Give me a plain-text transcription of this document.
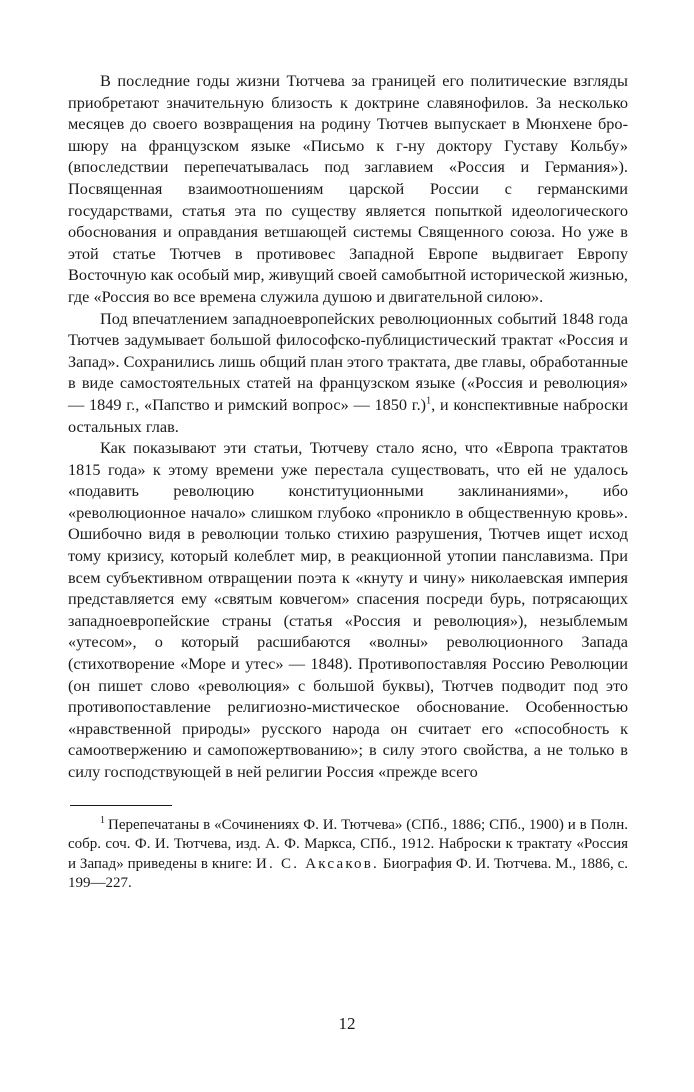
В последние годы жизни Тютчева за границей его политические взгляды приобретают значительную близость к доктрине славянофилов. За несколько месяцев до своего возвращения на родину Тютчев выпускает в Мюнхене брошюру на французском языке «Письмо к г-ну доктору Густаву Кольбу» (впоследствии перепечатывалась под заглавием «Россия и Германия»). Посвященная взаимоотношениям царской России с германскими государствами, статья эта по существу является попыткой идеологического обоснования и оправдания ветшающей системы Священного союза. Но уже в этой статье Тютчев в противовес Западной Европе выдвигает Европу Восточную как особый мир, живущий своей самобытной исторической жизнью, где «Россия во все времена служила душою и двигательной силою».

Под впечатлением западноевропейских революционных событий 1848 года Тютчев задумывает большой философско-публицистический трактат «Россия и Запад». Сохранились лишь общий план этого трактата, две главы, обработанные в виде самостоятельных статей на французском языке («Россия и революция» — 1849 г., «Папство и римский вопрос» — 1850 г.)$^1$, и конспективные наброски остальных глав.

Как показывают эти статьи, Тютчеву стало ясно, что «Европа трактатов 1815 года» к этому времени уже перестала существовать, что ей не удалось «подавить революцию конституционными заклинаниями», ибо «революционное начало» слишком глубоко «проникло в общественную кровь». Ошибочно видя в революции только стихию разрушения, Тютчев ищет исход тому кризису, который колеблет мир, в реакционной утопии панславизма. При всем субъективном отвращении поэта к «кнуту и чину» николаевская империя представляется ему «святым ковчегом» спасения посреди бурь, потрясающих западноевропейские страны (статья «Россия и революция»), незыблемым «утесом», о который расшибаются «волны» революционного Запада (стихотворение «Море и утес» — 1848). Противопоставляя Россию Революции (он пишет слово «революция» с большой буквы), Тютчев подводит под это противопоставление религиозно-мистическое обоснование. Особенностью «нравственной природы» русского народа он считает его «способность к самоотвержению и самопожертвованию»; в силу этого свойства, а не только в силу господствующей в ней религии Россия «прежде всего

$^1$ Перепечатаны в «Сочинениях Ф. И. Тютчева» (СПб., 1886; СПб., 1900) и в Полн. собр. соч. Ф. И. Тютчева, изд. А. Ф. Маркса, СПб., 1912. Наброски к трактату «Россия и Запад» приведены в книге: И. С. Аксаков. Биография Ф. И. Тютчева. М., 1886, с. 199—227.

12
